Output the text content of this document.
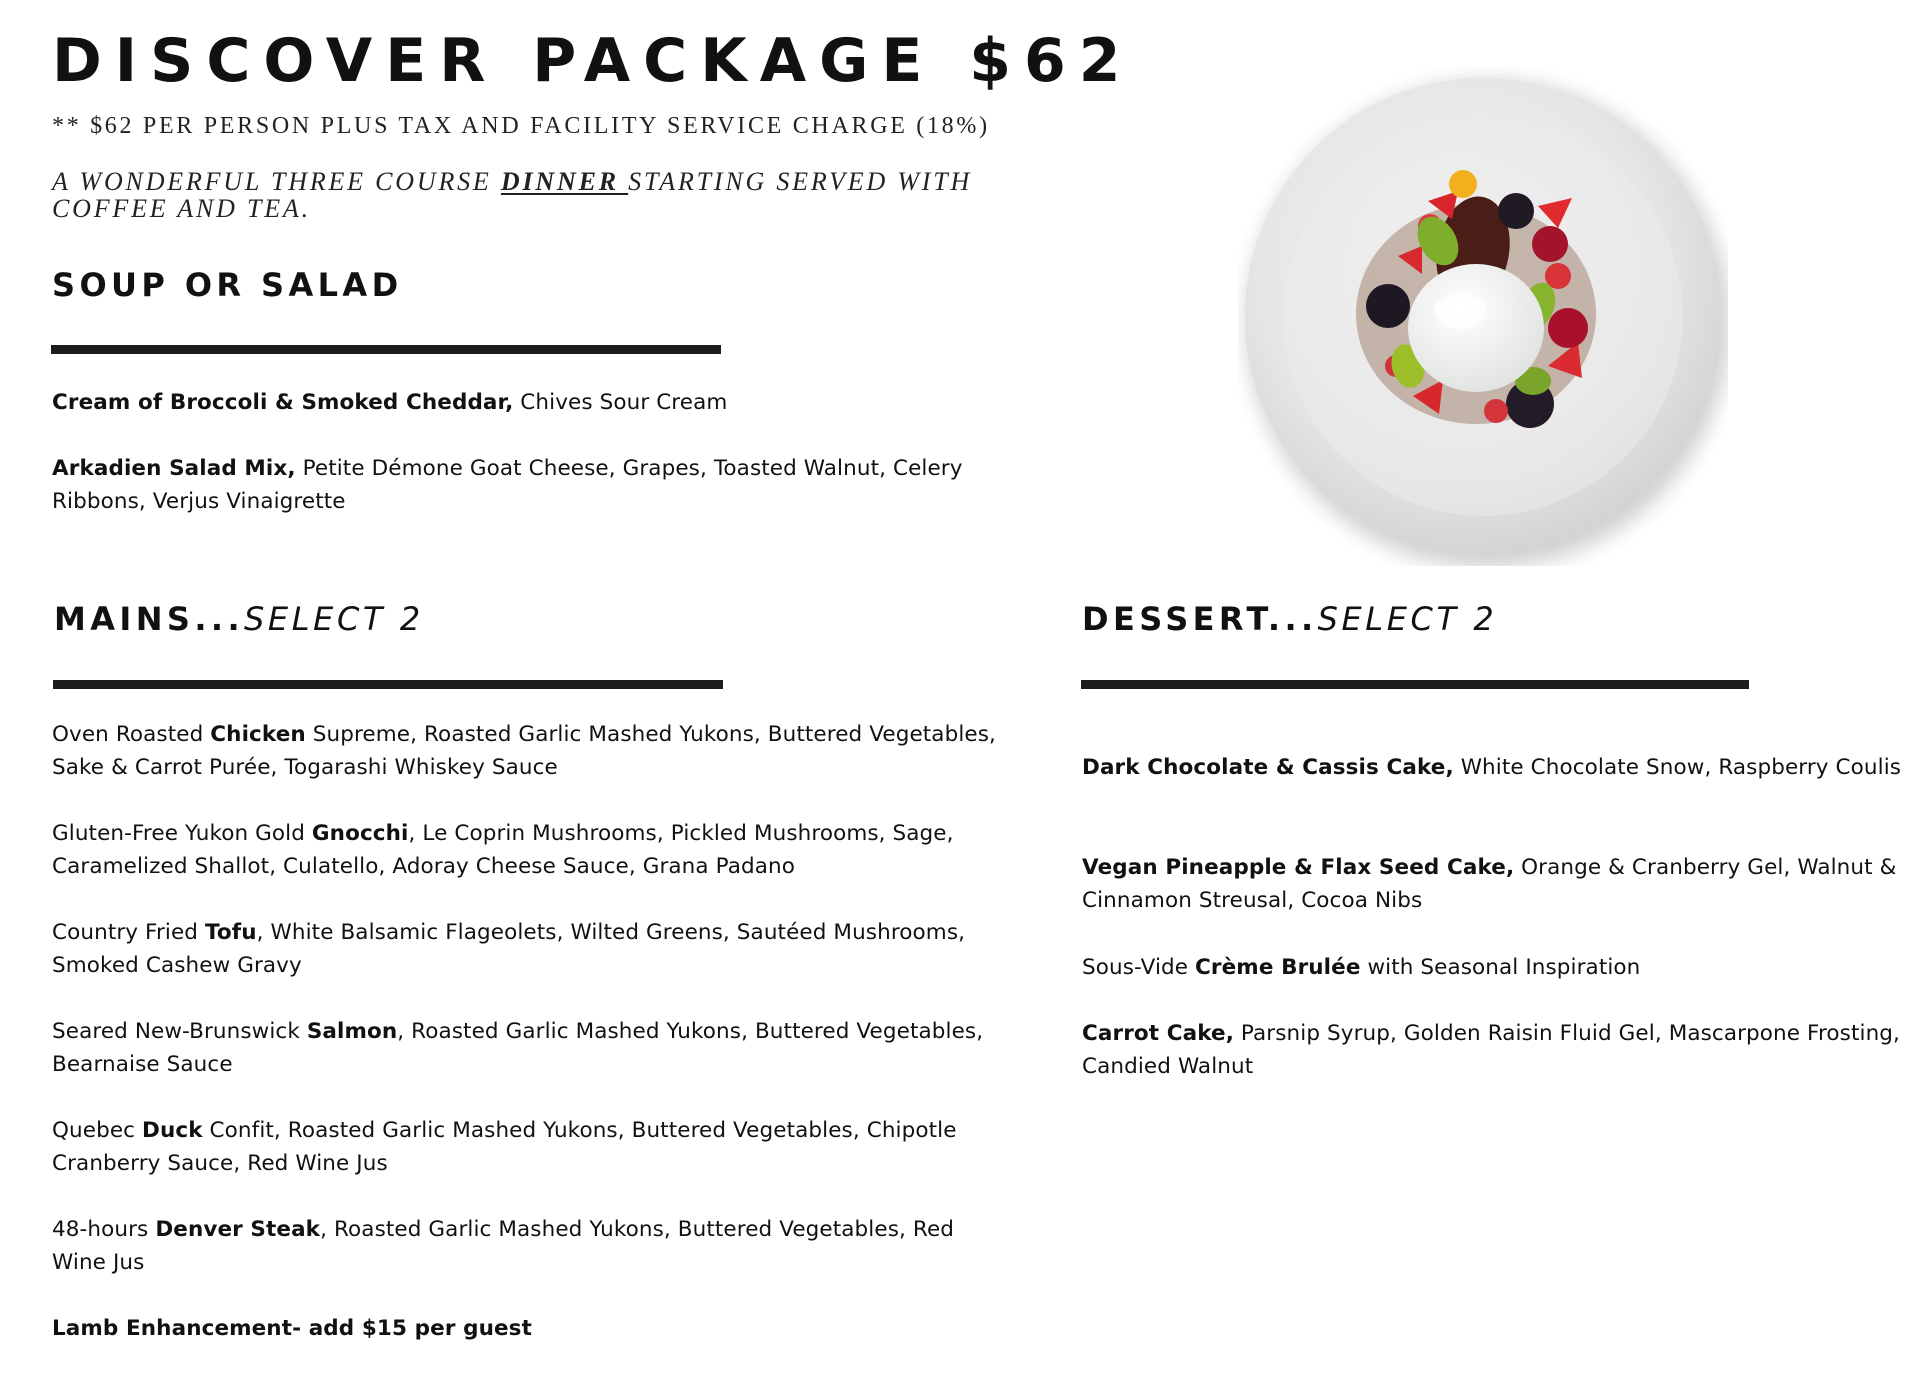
DISCOVER PACKAGE $62
** $62 PER PERSON PLUS TAX AND FACILITY SERVICE CHARGE (18%)
A WONDERFUL THREE COURSE DINNER STARTING SERVED WITH COFFEE AND TEA.
SOUP OR SALAD
Cream of Broccoli & Smoked Cheddar, Chives Sour Cream
Arkadien Salad Mix, Petite Démone Goat Cheese, Grapes, Toasted Walnut, Celery Ribbons, Verjus Vinaigrette
MAINS...SELECT 2
Oven Roasted Chicken Supreme, Roasted Garlic Mashed Yukons, Buttered Vegetables, Sake & Carrot Purée, Togarashi Whiskey Sauce
Gluten-Free Yukon Gold Gnocchi, Le Coprin Mushrooms, Pickled Mushrooms, Sage, Caramelized Shallot, Culatello, Adoray Cheese Sauce, Grana Padano
Country Fried Tofu, White Balsamic Flageolets, Wilted Greens, Sautéed Mushrooms, Smoked Cashew Gravy
Seared New-Brunswick Salmon, Roasted Garlic Mashed Yukons, Buttered Vegetables, Bearnaise Sauce
Quebec Duck Confit, Roasted Garlic Mashed Yukons, Buttered Vegetables, Chipotle Cranberry Sauce, Red Wine Jus
48-hours Denver Steak, Roasted Garlic Mashed Yukons, Buttered Vegetables, Red Wine Jus
Lamb Enhancement- add $15 per guest
DESSERT...SELECT 2
Dark Chocolate & Cassis Cake, White Chocolate Snow, Raspberry Coulis
Vegan Pineapple & Flax Seed Cake, Orange & Cranberry Gel, Walnut & Cinnamon Streusal, Cocoa Nibs
Sous-Vide Crème Brulée with Seasonal Inspiration
Carrot Cake, Parsnip Syrup, Golden Raisin Fluid Gel, Mascarpone Frosting, Candied Walnut
